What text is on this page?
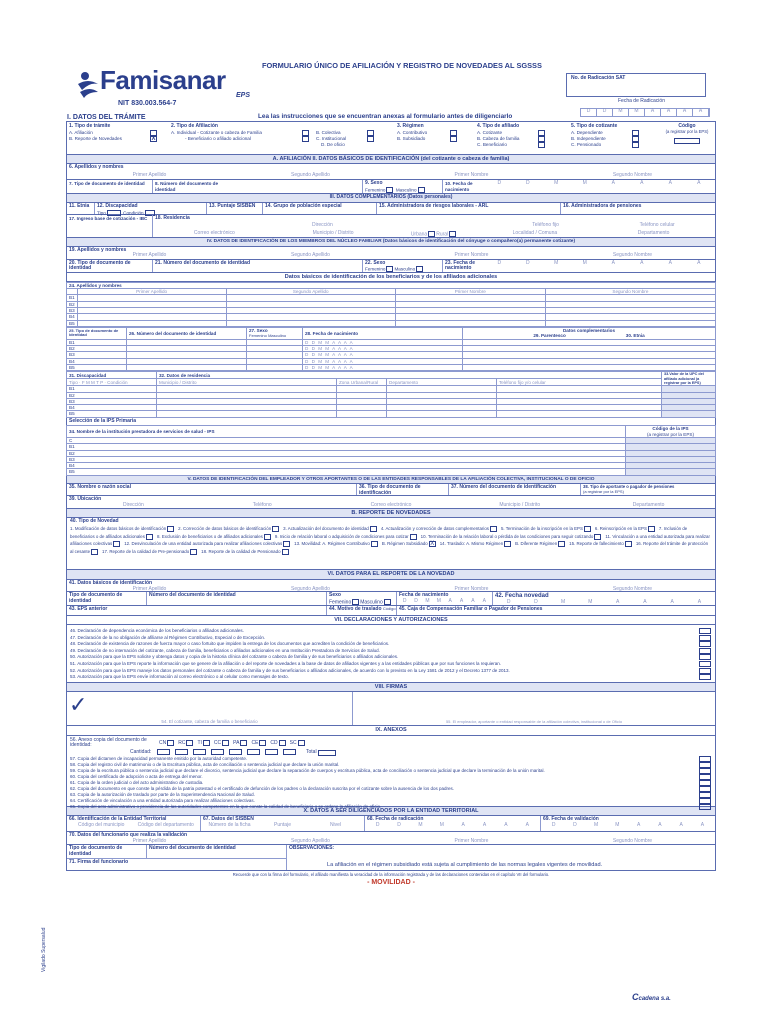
Famisanar
EPS
NIT 830.003.564-7
FORMULARIO ÚNICO DE AFILIACIÓN Y REGISTRO DE NOVEDADES AL SGSSS
No. de Radicación SAT
Fecha de Radicación
D	D	M	M	A	A	A	A
Lea las instrucciones que se encuentran anexas al formulario antes de diligenciarlo
I. DATOS DEL TRÁMITE
1. Tipo de trámite
A. Afiliación
B. Reporte de Novedades	X
2. Tipo de Afiliación
A. Individual - Cotizante o cabeza de Familia	B. Colectiva
- Beneficiario o afiliado adicional	C. Institucional
D. De oficio
3. Régimen
A. Contributivo
B. Subsidiado
4. Tipo de afiliado
A. Cotizante
B. Cabeza de familia
C. Beneficiario
5. Tipo de cotizante
A. Dependiente
B. Independiente
C. Pensionado
Código
(a registrar por la EPS)
A. AFILIACIÓN II. DATOS BÁSICOS DE IDENTIFICACIÓN (del cotizante o cabeza de familia)
6. Apellidos y nombres
Primer Apellido	Segundo Apellido	Primer Nombre	Segundo Nombre
7. Tipo de documento de identidad	8. Número del documento de identidad
9. Sexo
Femenino Masculino
10. Fecha de nacimiento
D	D	M	M	A	A	A	A
III. DATOS COMPLEMENTARIOS (Datos personales)
11. Etnia	12. Discapacidad
Tipo	Condición
13. Puntaje SISBEN	14. Grupo de población especial	15. Administradora de riesgos laborales - ARL	16. Administradora de pensiones
17. Ingreso base de cotización - IBC	18. Residencia
Dirección	Teléfono fijo	Teléfono celular
Correo electrónico	Municipio / Distrito	Urbana Rural	Localidad / Comuna	Departamento
IV. DATOS DE IDENTIFICACIÓN DE LOS MIEMBROS DEL NÚCLEO FAMILIAR (Datos básicos de identificación del cónyuge o compañero(a) permanente cotizante)
19. Apellidos y nombres
Primer Apellido	Segundo Apellido	Primer Nombre	Segundo Nombre
20. Tipo de documento de identidad
21. Número del documento de identidad	22. Sexo
Femenino Masculino
23. Fecha de nacimiento
D	D	M	M	A	A	A	A
Datos básicos de identificación de los beneficiarios y de los afiliados adicionales
24. Apellidos y nombres				
	Primer Apellido	Segundo Apellido	Primer Nombre	Segundo Nombre
B1				
B2				
B3				
B4				
B5				
25. Tipo de documento de identidad	26. Número del documento de identidad	27. Sexo
Femenino Masculino	28. Fecha de nacimiento	Datos complementarios
29. Parentesco 30. Etnia
B1			D D M M A A A A	
B2			D D M M A A A A	
B3			D D M M A A A A	
B4			D D M M A A A A	
B5			D D M M A A A A	
31. Discapacidad	32. Datos de residencia				33.Valor de la UPC del afiliado adicional (a registrar por la EPS)
Tipo · F M M T P · Condición	Municipio / Distrito	Zona Urbana/Rural	Departamento	Teléfono fijo y/o celular	
B1					
B2					
B3					
B4					
B5					
Selección de la IPS Primaria
34. Nombre de la institución prestadora de servicios de salud - IPS	Código de la IPS
(a registrar por la EPS)
C	
B1	
B2	
B3	
B4	
B5	
V. DATOS DE IDENTIFICACIÓN DEL EMPLEADOR Y OTROS APORTANTES O DE LAS ENTIDADES RESPONSABLES DE LA AFILIACIÓN COLECTIVA, INSTITUCIONAL O DE OFICIO
35. Nombre o razón social	36. Tipo de documento de identificación
37. Número del documento de identificación	38. Tipo de aportante o pagador de pensiones
(a registrar por la EPS)
39. Ubicación
Dirección	Teléfono	Correo electrónico	Municipio / Distrito	Departamento
B. REPORTE DE NOVEDADES
40. Tipo de Novedad
1. Modificación de datos básicos de identificación	2. Corrección de datos básicos de identificación	3. Actualización del documento de identidad	4. Actualización y corrección de datos complementarios	5. Terminación de la inscripción en la EPS	6. Reinscripción en la EPS	7. Inclusión de beneficiarios o de afiliados adicionales	8. Exclusión de beneficiarios o de afiliados adicionales	9. Inicio de relación laboral o adquisición de condiciones para cotizar	10. Terminación de la relación laboral o pérdida de las condiciones para seguir cotizando	11. Vinculación a una entidad autorizada para realizar afiliaciones colectivas	12. Desvinculación de una entidad autorizada para realizar afiliaciones colectivas	13. Movilidad: A. Régimen Contributivo	B. Régimen Subsidiado X 14. Traslado: A. Mismo Régimen	B. Diferente Régimen	15. Reporte de fallecimiento	16. Reporte del trámite de protección al cesante	17. Reporte de la calidad de Pre-pensionado	18. Reporte de la calidad de Pensionado
VI. DATOS PARA EL REPORTE DE LA NOVEDAD
41. Datos básicos de identificación
Primer Apellido	Segundo Apellido	Primer Nombre	Segundo Nombre
Tipo de documento de identidad
Número del documento de identidad	Sexo
Femenino Masculino
Fecha de nacimiento
D	D	M	M	A	A	A	A
42. Fecha novedad
D	D	M	M	A	A	A	A
43. EPS anterior	44. Motivo de traslado Código 45. Caja de Compensación Familiar o Pagador de Pensiones
VII. DECLARACIONES Y AUTORIZACIONES
46. Declaración de dependencia económica de los beneficiarios o afiliados adicionales.
47. Declaración de la no obligación de afiliarse al Régimen Contributivo, Especial o de Excepción.
48. Declaración de existencia de razones de fuerza mayor o caso fortuito que impiden la entrega de los documentos que acrediten la condición de beneficiarios.
49. Declaración de no internación del cotizante, cabeza de familia, beneficiarios o afiliados adicionales en una Institución Prestadora de Servicios de Salud.
50. Autorización para que la EPS solicite y obtenga datos y copia de la historia clínica del cotizante o cabeza de familia y de sus beneficiarios o afiliados adicionales.
51. Autorización para que la EPS reporte la información que se genere de la afiliación o del reporte de novedades a la base de datos de afiliados vigentes y a las entidades públicas que por sus funciones la requieran.
52. Autorización para que la EPS maneje los datos personales del cotizante o cabeza de familia y de sus beneficiarios o afiliados adicionales, de acuerdo con lo previsto en la Ley 1581 de 2012 y el Decreto 1377 de 2013.
53. Autorización para que la EPS envíe información al correo electrónico o al celular como mensajes de texto.
VIII. FIRMAS
✓
54. El cotizante, cabeza de familia o beneficiario	55. El empleador, aportante o entidad responsable de la afiliación colectiva, institucional o de Oficio
IX. ANEXOS
56. Anexo copia del documento de identidad:	CN RC TI CC PA CE CD SC
Cantidad:	Total
57. Copia del dictamen de incapacidad permanente emitido por la autoridad competente.
58. Copia del registro civil de matrimonio o de la Escritura pública, acta de conciliación o sentencia judicial que declare la unión marital.
59. Copia de la escritura pública o sentencia judicial que declare el divorcio, sentencia judicial que declare la separación de cuerpos y escritura pública, acta de conciliación o sentencia judicial que declare la terminación de la unión marital.
60. Copia del certificado de adopción o acta de entrega del menor.
61. Copia de la orden judicial o del acto administrativo de custodia.
62. Copia del documento en que conste la pérdida de la patria potestad o el certificado de defunción de los padres o la declaración suscrita por el cotizante sobre la ausencia de los dos padres.
63. Copia de la autorización de traslado por parte de la Superintendencia Nacional de Salud.
64. Certificación de vinculación a una entidad autorizada para realizar afiliaciones colectivas.
65. Copia del acto administrativo o providencia de las autoridades competentes en la que conste la calidad de beneficiario o se ordene la afiliación de oficio.
X. DATOS A SER DILIGENCIADOS POR LA ENTIDAD TERRITORIAL
66. Identificación de la Entidad Territorial
Código del municipio	Código del departamento
67. Datos del SISBEN
Número de la ficha	Puntaje	Nivel
68. Fecha de radicación
D	D	M	M	A	A	A	A
69. Fecha de validación
D	D	M	M	A	A	A	A
70. Datos del funcionario que realiza la validación
Primer Apellido	Segundo Apellido	Primer Nombre	Segundo Nombre
Tipo de documento de identidad
Número del documento de identidad
71. Firma del funcionario
OBSERVACIONES:
La afiliación en el régimen subsidiado está sujeta al cumplimiento de las normas legales vigentes de movilidad.
Recuerde que con la firma del formulario, el afiliado manifiesta la veracidad de la información registrada y de las declaraciones contenidas en el capítulo VII del formulario.
- MOVILIDAD -
Vigilado Supersalud
Ccadena s.a.
